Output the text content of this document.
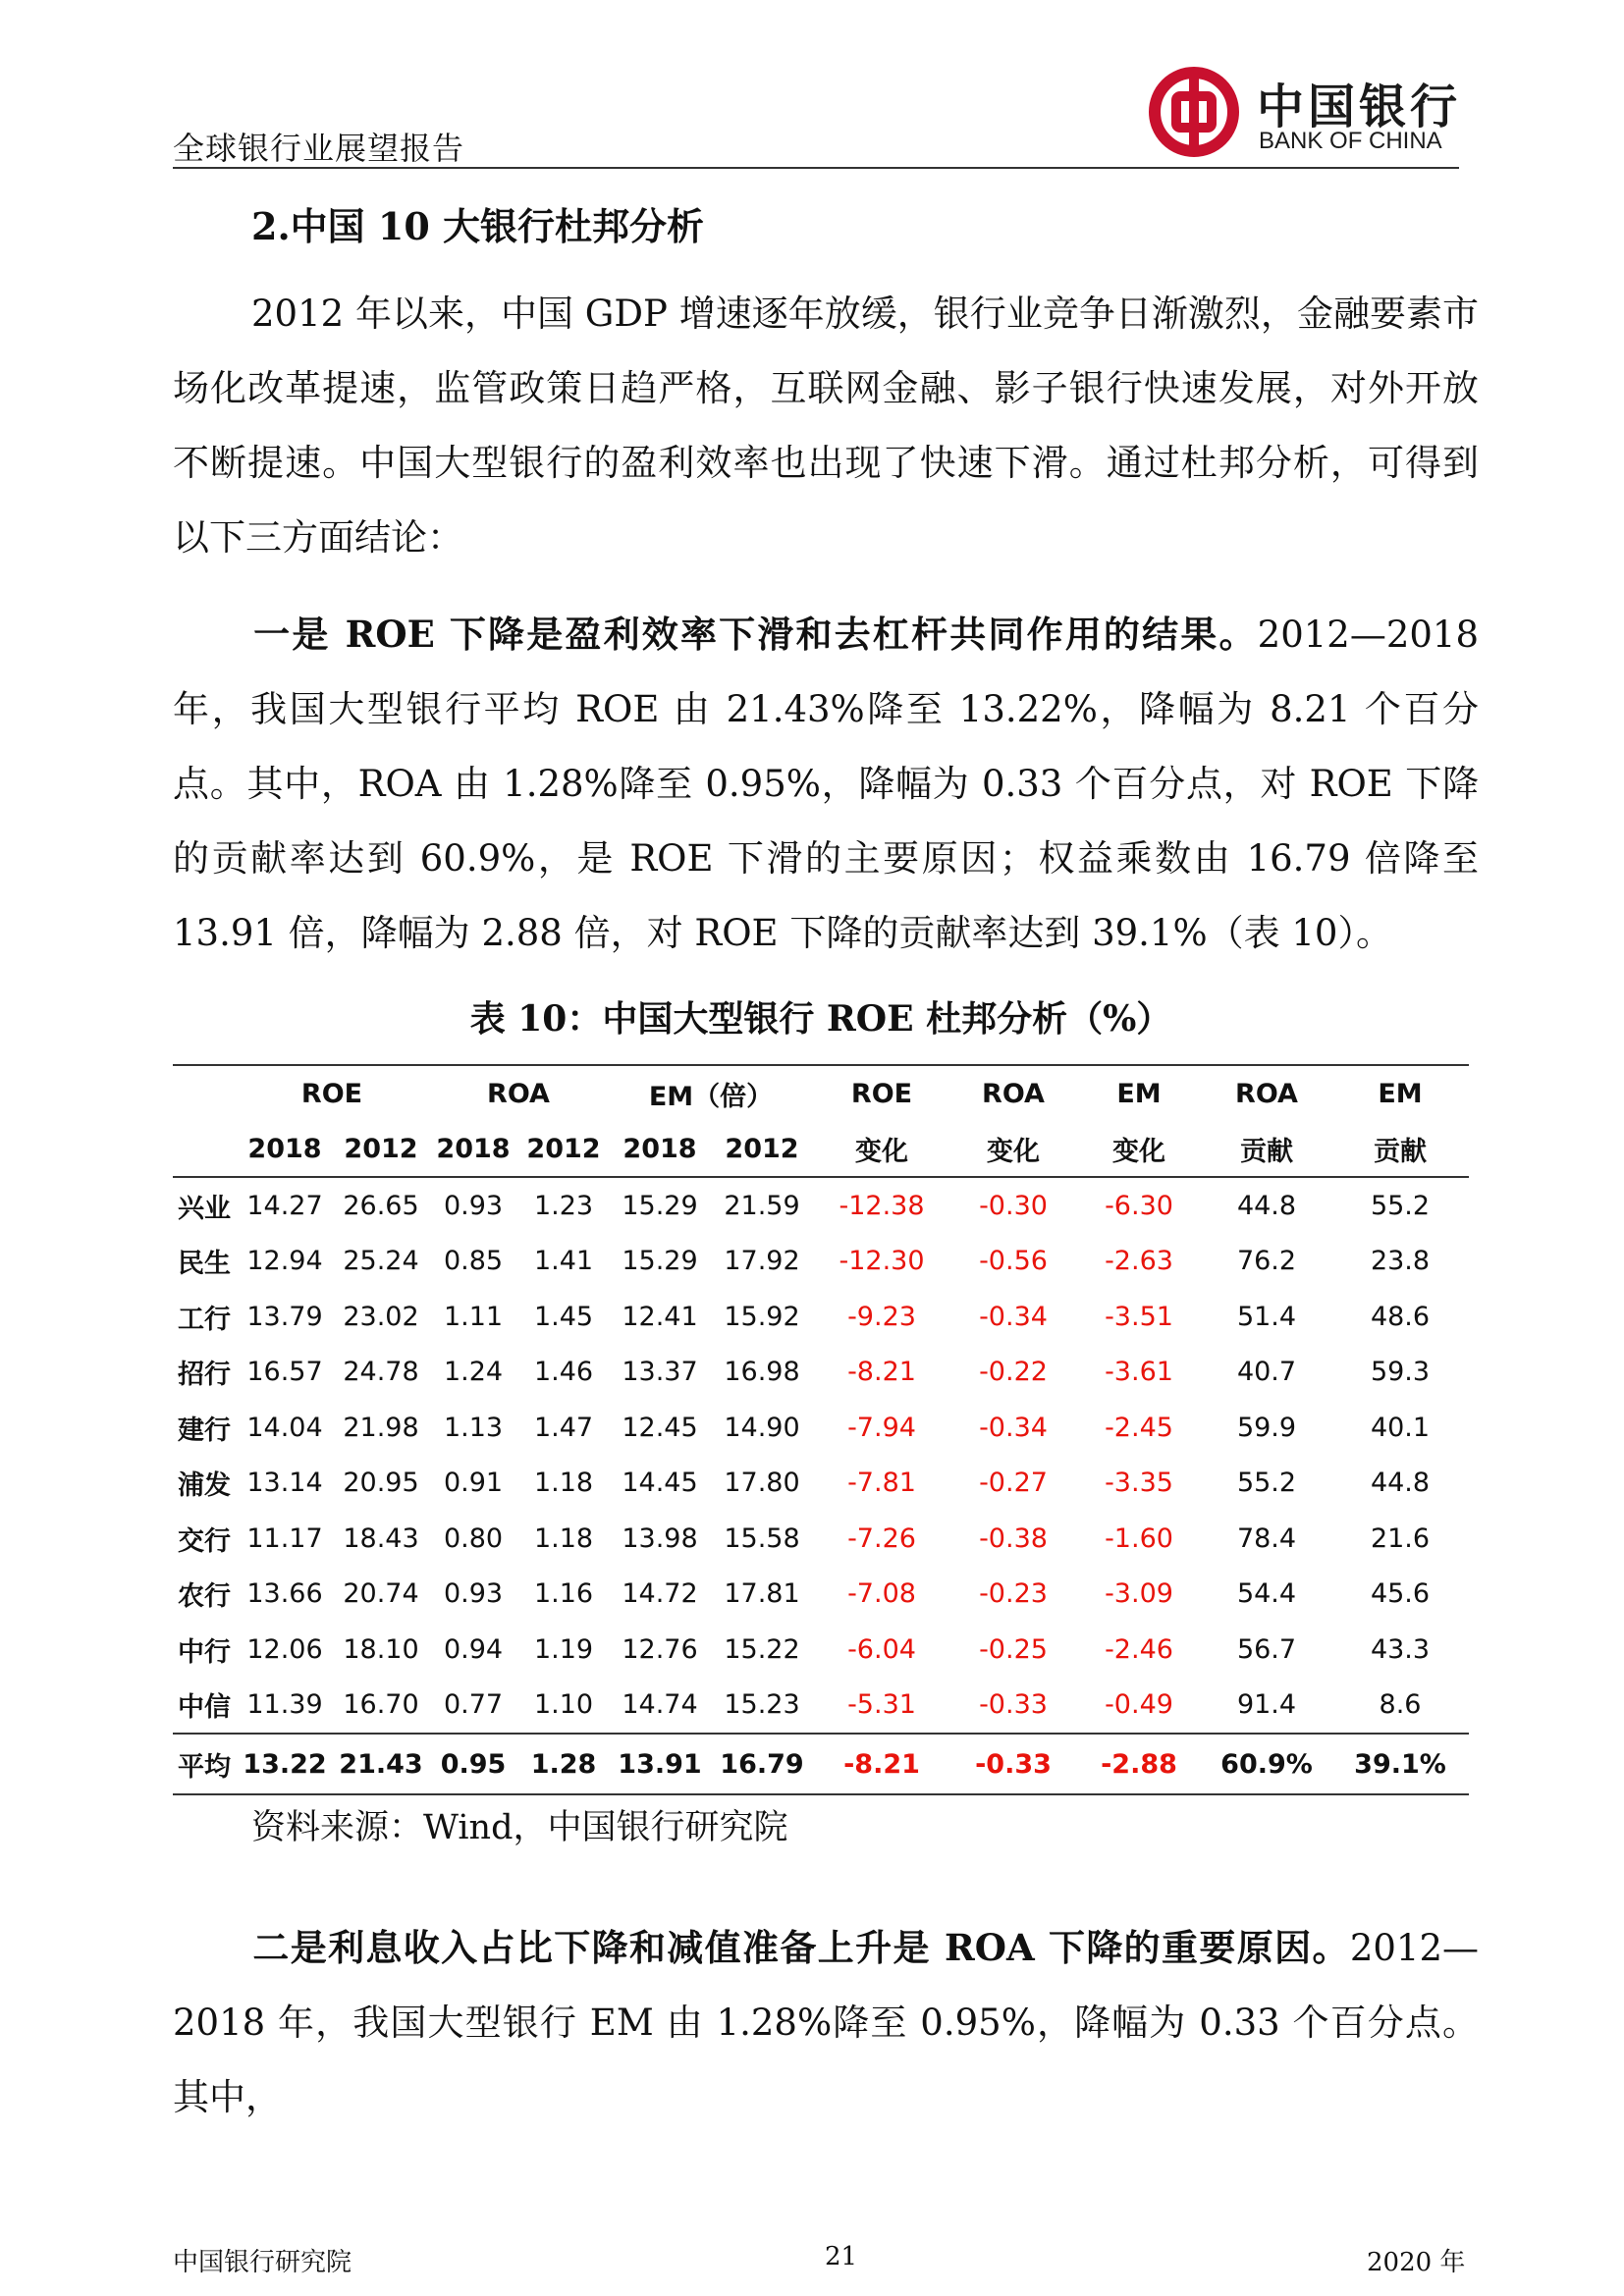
全球银行业展望报告
中国银行
BANK OF CHINA
2.中国 10 大银行杜邦分析
2012 年以来，中国 GDP 增速逐年放缓，银行业竞争日渐激烈，金融要素市场化改革提速，监管政策日趋严格，互联网金融、影子银行快速发展，对外开放不断提速。中国大型银行的盈利效率也出现了快速下滑。通过杜邦分析，可得到以下三方面结论：
一是 ROE 下降是盈利效率下滑和去杠杆共同作用的结果。2012—2018 年，我国大型银行平均 ROE 由 21.43%降至 13.22%，降幅为 8.21 个百分点。其中，ROA 由 1.28%降至 0.95%，降幅为 0.33 个百分点，对 ROE 下降的贡献率达到 60.9%，是 ROE 下滑的主要原因；权益乘数由 16.79 倍降至 13.91 倍，降幅为 2.88 倍，对 ROE 下降的贡献率达到 39.1%（表 10）。
表 10：中国大型银行 ROE 杜邦分析（%）
	ROE		ROA		EM（倍）		ROE	ROA	EM	ROA	EM
	2018	2012	2018	2012	2018	2012	变化	变化	变化	贡献	贡献
兴业	14.27	26.65	0.93	1.23	15.29	21.59	-12.38	-0.30	-6.30	44.8	55.2
民生	12.94	25.24	0.85	1.41	15.29	17.92	-12.30	-0.56	-2.63	76.2	23.8
工行	13.79	23.02	1.11	1.45	12.41	15.92	-9.23	-0.34	-3.51	51.4	48.6
招行	16.57	24.78	1.24	1.46	13.37	16.98	-8.21	-0.22	-3.61	40.7	59.3
建行	14.04	21.98	1.13	1.47	12.45	14.90	-7.94	-0.34	-2.45	59.9	40.1
浦发	13.14	20.95	0.91	1.18	14.45	17.80	-7.81	-0.27	-3.35	55.2	44.8
交行	11.17	18.43	0.80	1.18	13.98	15.58	-7.26	-0.38	-1.60	78.4	21.6
农行	13.66	20.74	0.93	1.16	14.72	17.81	-7.08	-0.23	-3.09	54.4	45.6
中行	12.06	18.10	0.94	1.19	12.76	15.22	-6.04	-0.25	-2.46	56.7	43.3
中信	11.39	16.70	0.77	1.10	14.74	15.23	-5.31	-0.33	-0.49	91.4	8.6
平均	13.22	21.43	0.95	1.28	13.91	16.79	-8.21	-0.33	-2.88	60.9%	39.1%
资料来源：Wind，中国银行研究院
二是利息收入占比下降和减值准备上升是 ROA 下降的重要原因。2012—2018 年，我国大型银行 EM 由 1.28%降至 0.95%，降幅为 0.33 个百分点。其中，
中国银行研究院	21	2020 年
